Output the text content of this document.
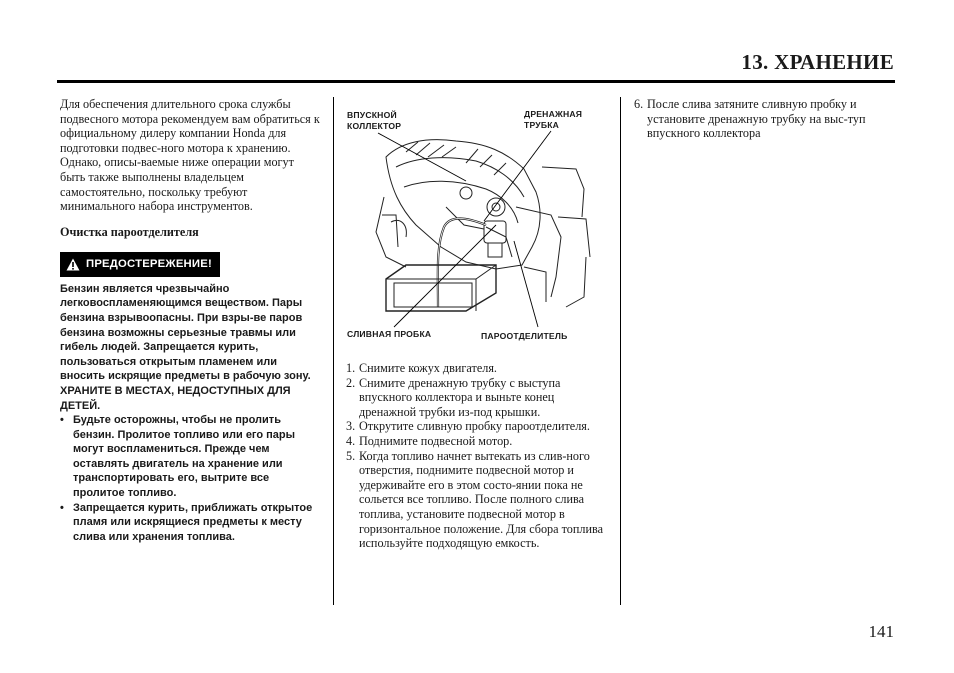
13. ХРАНЕНИЕ

Для обеспечения длительного срока службы подвесного мотора рекомендуем вам обратиться к официальному дилеру компании Honda для подготовки подвес-ного мотора к хранению. Однако, описы-ваемые ниже операции могут быть также выполнены владельцем самостоятельно, поскольку требуют минимального набора инструментов.

Очистка пароотделителя

ПРЕДОСТЕРЕЖЕНИЕ!

Бензин является чрезвычайно легковоспламеняющимся веществом. Пары бензина взрывоопасны. При взры-ве паров бензина возможны серьезные травмы или гибель людей. Запрещается курить, пользоваться открытым пламенем или вносить искрящие предметы в рабочую зону. ХРАНИТЕ В МЕСТАХ, НЕДОСТУПНЫХ ДЛЯ ДЕТЕЙ.

• Будьте осторожны, чтобы не пролить бензин. Пролитое топливо или его пары могут воспламениться. Прежде чем оставлять двигатель на хранение или транспортировать его, вытрите все пролитое топливо.
• Запрещается курить, приближать открытое пламя или искрящиеся предметы к месту слива или хранения топлива.
ВПУСКНОЙ
КОЛЛЕКТОР
ДРЕНАЖНАЯ
ТРУБКА
СЛИВНАЯ ПРОБКА	ПАРООТДЕЛИТЕЛЬ
1. Снимите кожух двигателя.
2. Снимите дренажную трубку с выступа впускного коллектора и выньте конец дренажной трубки из-под крышки.
3. Открутите сливную пробку пароотделителя.
4. Поднимите подвесной мотор.
5. Когда топливо начнет вытекать из слив-ного отверстия, поднимите подвесной мотор и удерживайте его в этом состо-янии пока не сольется все топливо. После полного слива топлива, установите подвесной мотор в горизонтальное положение. Для сбора топлива используйте подходящую емкость.
6. После слива затяните сливную пробку и установите дренажную трубку на выс-туп впускного коллектора
141
